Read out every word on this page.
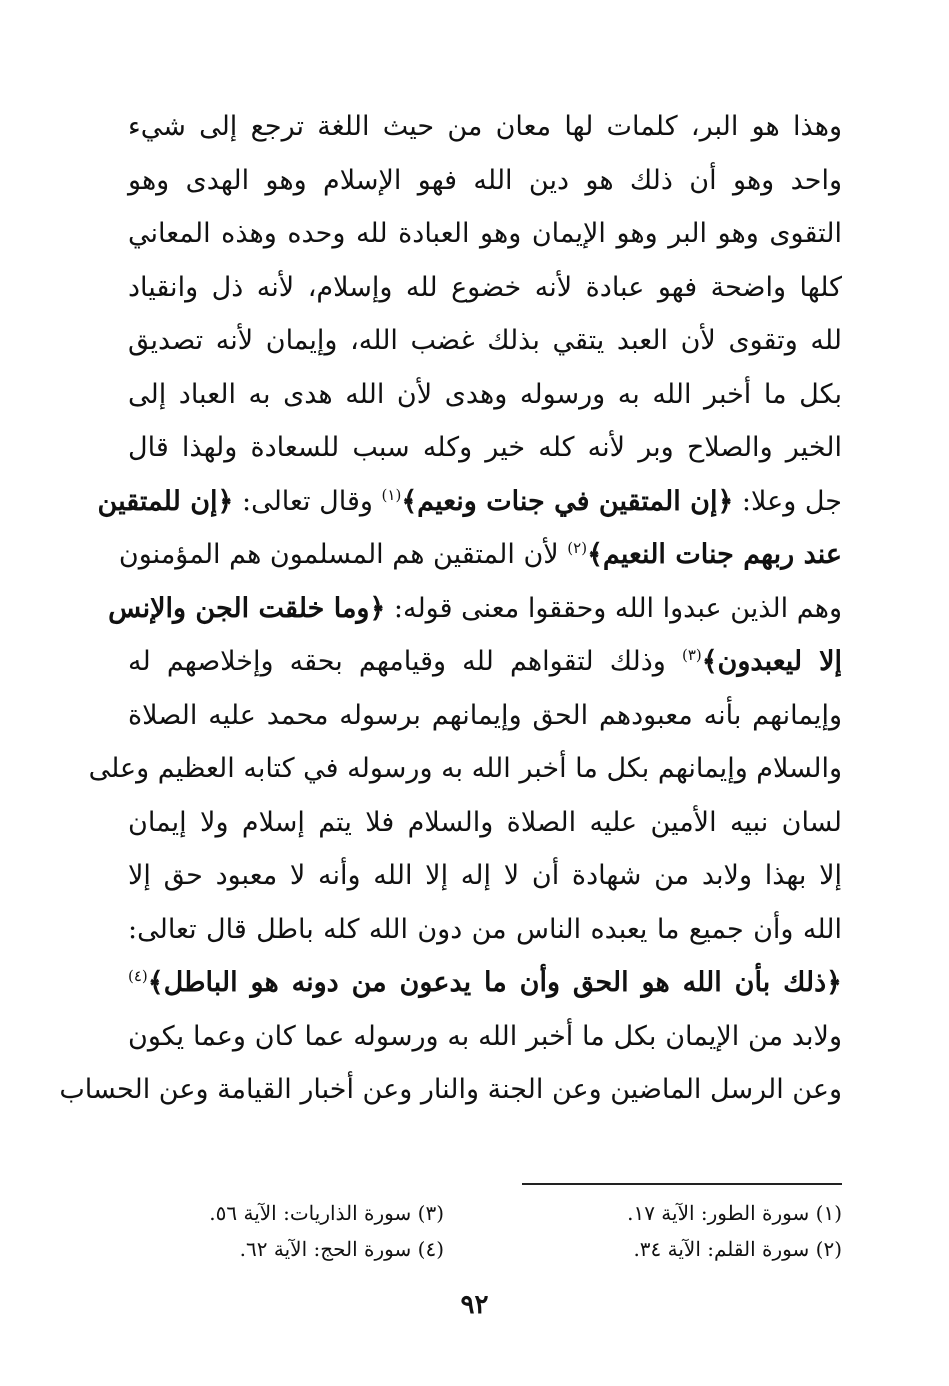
وهذا هو البر، كلمات لها معان من حيث اللغة ترجع إلى شيء
واحد وهو أن ذلك هو دين الله فهو الإسلام وهو الهدى وهو
التقوى وهو البر وهو الإيمان وهو العبادة لله وحده وهذه المعاني
كلها واضحة فهو عبادة لأنه خضوع لله وإسلام، لأنه ذل وانقياد
لله وتقوى لأن العبد يتقي بذلك غضب الله، وإيمان لأنه تصديق
بكل ما أخبر الله به ورسوله وهدى لأن الله هدى به العباد إلى
الخير والصلاح وبر لأنه كله خير وكله سبب للسعادة ولهذا قال
جل وعلا: ﴿إن المتقين في جنات ونعيم﴾$^{(١)}$ وقال تعالى: ﴿إن للمتقين
عند ربهم جنات النعيم﴾$^{(٢)}$ لأن المتقين هم المسلمون هم المؤمنون
وهم الذين عبدوا الله وحققوا معنى قوله: ﴿وما خلقت الجن والإنس
إلا ليعبدون﴾$^{(٣)}$ وذلك لتقواهم لله وقيامهم بحقه وإخلاصهم له
وإيمانهم بأنه معبودهم الحق وإيمانهم برسوله محمد عليه الصلاة
والسلام وإيمانهم بكل ما أخبر الله به ورسوله في كتابه العظيم وعلى
لسان نبيه الأمين عليه الصلاة والسلام فلا يتم إسلام ولا إيمان
إلا بهذا ولابد من شهادة أن لا إله إلا الله وأنه لا معبود حق إلا
الله وأن جميع ما يعبده الناس من دون الله كله باطل قال تعالى:
﴿ذلك بأن الله هو الحق وأن ما يدعون من دونه هو الباطل﴾$^{(٤)}$
ولابد من الإيمان بكل ما أخبر الله به ورسوله عما كان وعما يكون
وعن الرسل الماضين وعن الجنة والنار وعن أخبار القيامة وعن الحساب
(١) سورة الطور: الآية ١٧.
(٢) سورة القلم: الآية ٣٤.
(٣) سورة الذاريات: الآية ٥٦.
(٤) سورة الحج: الآية ٦٢.
٩٢
